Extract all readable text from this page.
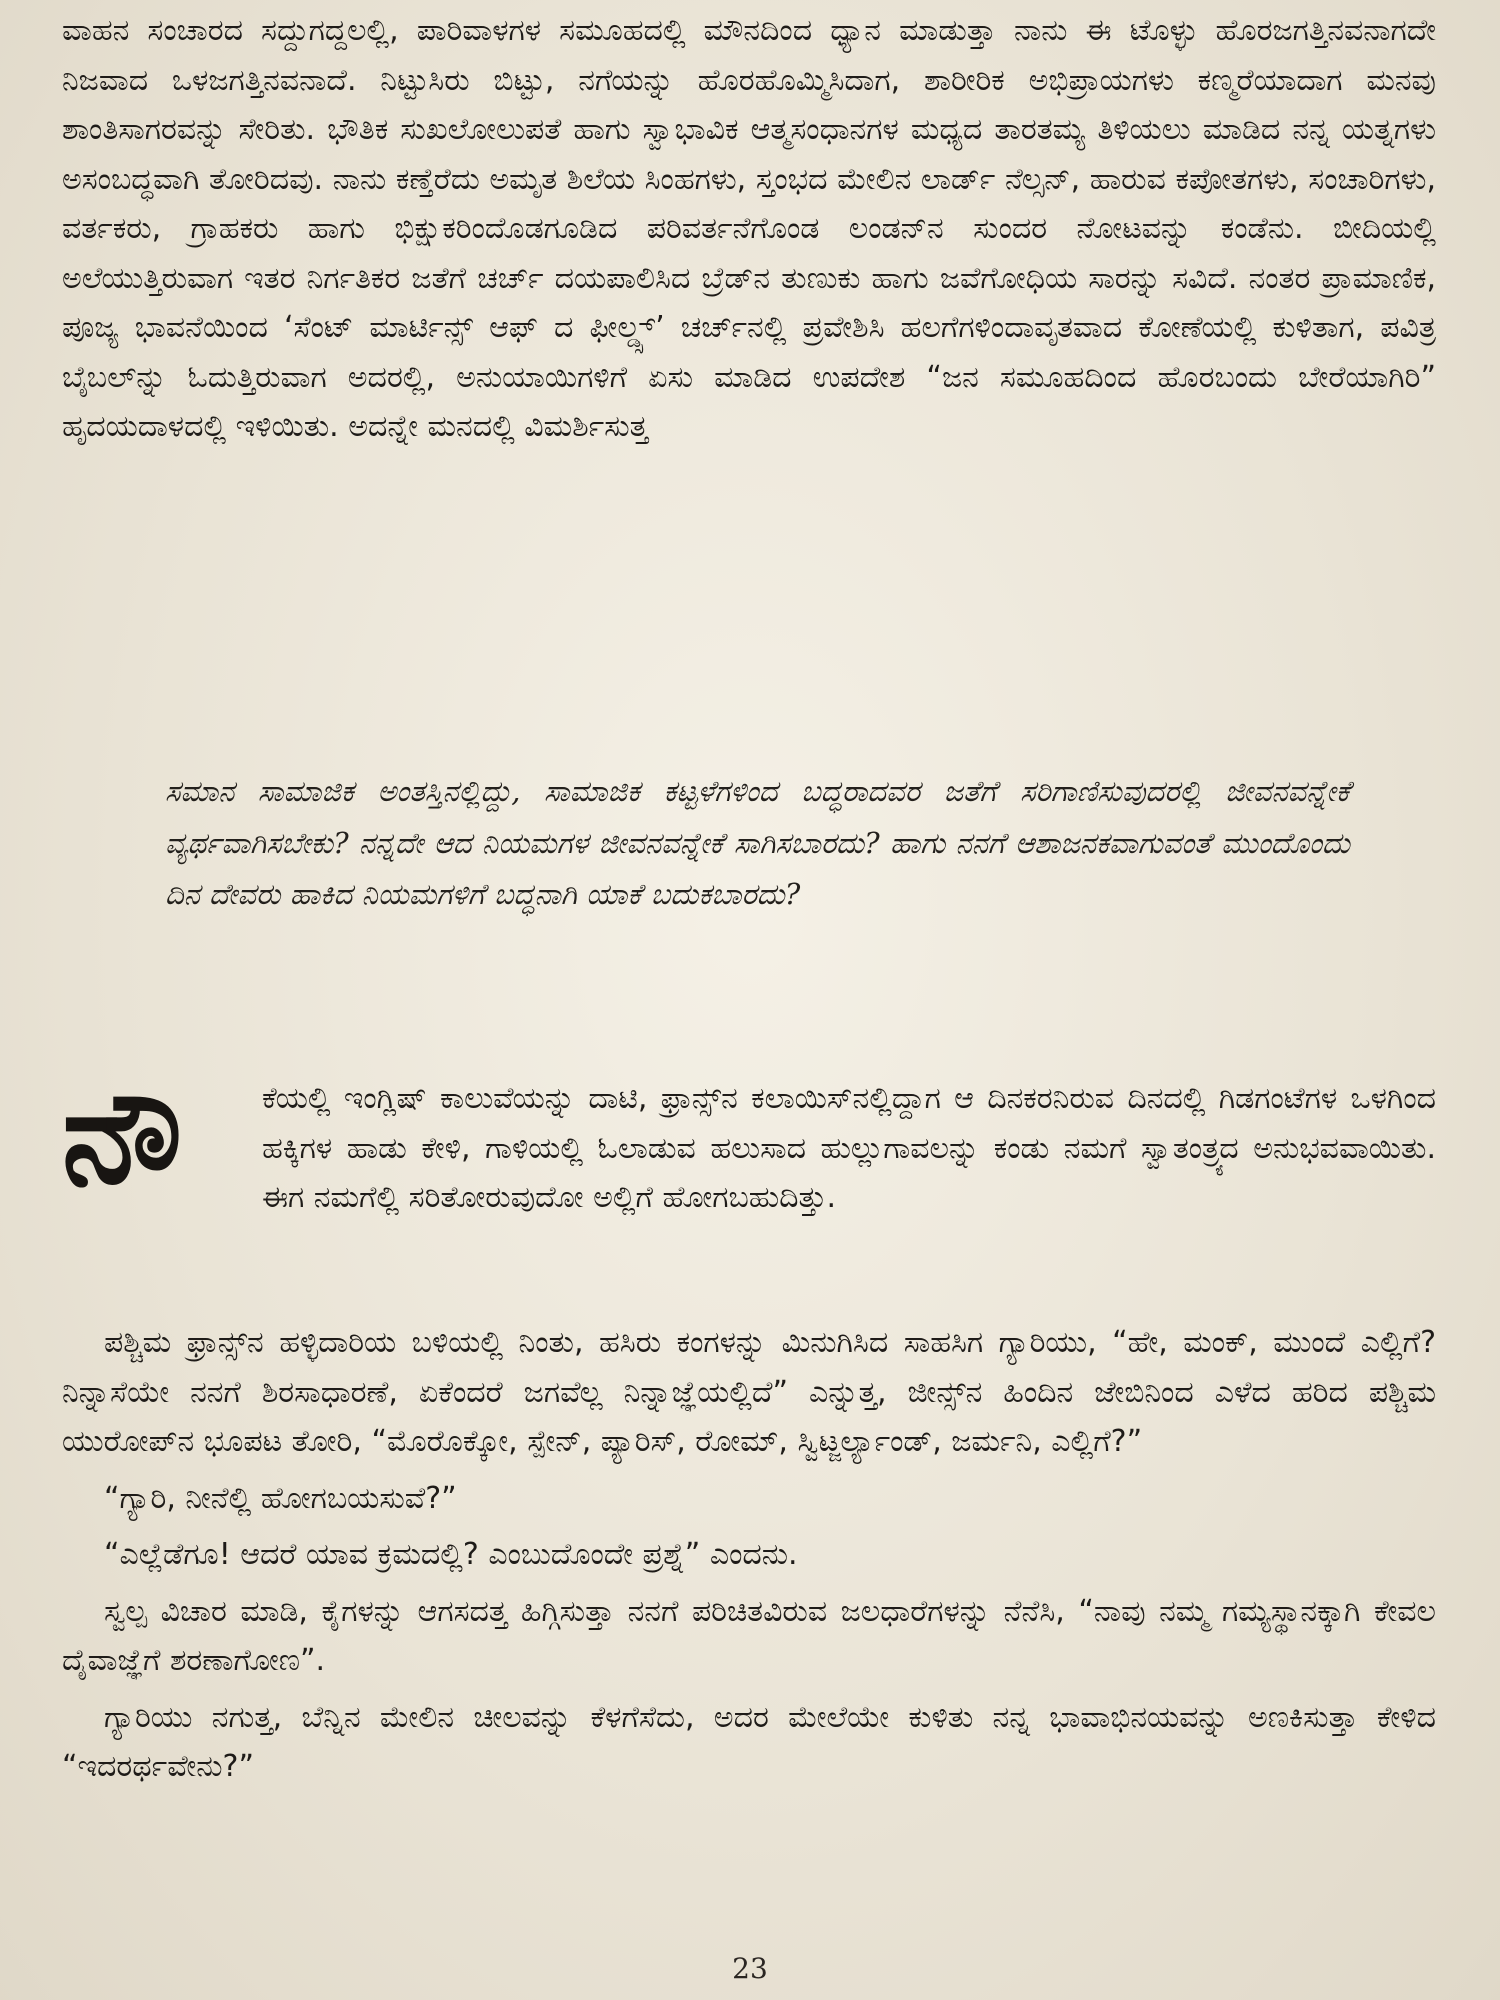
ವಾಹನ ಸಂಚಾರದ ಸದ್ದುಗದ್ದಲಲ್ಲಿ, ಪಾರಿವಾಳಗಳ ಸಮೂಹದಲ್ಲಿ ಮೌನದಿಂದ ಧ್ಯಾನ ಮಾಡುತ್ತಾ ನಾನು ಈ ಟೊಳ್ಳು ಹೊರಜಗತ್ತಿನವನಾಗದೇ ನಿಜವಾದ ಒಳಜಗತ್ತಿನವನಾದೆ. ನಿಟ್ಟುಸಿರು ಬಿಟ್ಟು, ನಗೆಯನ್ನು ಹೊರಹೊಮ್ಮಿಸಿದಾಗ, ಶಾರೀರಿಕ ಅಭಿಪ್ರಾಯಗಳು ಕಣ್ಮರೆಯಾದಾಗ ಮನವು ಶಾಂತಿಸಾಗರವನ್ನು ಸೇರಿತು. ಭೌತಿಕ ಸುಖಲೋಲುಪತೆ ಹಾಗು ಸ್ವಾಭಾವಿಕ ಆತ್ಮಸಂಧಾನಗಳ ಮಧ್ಯದ ತಾರತಮ್ಯ ತಿಳಿಯಲು ಮಾಡಿದ ನನ್ನ ಯತ್ನಗಳು ಅಸಂಬದ್ಧವಾಗಿ ತೋರಿದವು. ನಾನು ಕಣ್ತೆರೆದು ಅಮೃತ ಶಿಲೆಯ ಸಿಂಹಗಳು, ಸ್ತಂಭದ ಮೇಲಿನ ಲಾರ್ಡ್ ನೆಲ್ಸನ್, ಹಾರುವ ಕಪೋತಗಳು, ಸಂಚಾರಿಗಳು, ವರ್ತಕರು, ಗ್ರಾಹಕರು ಹಾಗು ಭಿಕ್ಷುಕರಿಂದೊಡಗೂಡಿದ ಪರಿವರ್ತನೆಗೊಂಡ ಲಂಡನ್‌ನ ಸುಂದರ ನೋಟವನ್ನು ಕಂಡೆನು. ಬೀದಿಯಲ್ಲಿ ಅಲೆಯುತ್ತಿರುವಾಗ ಇತರ ನಿರ್ಗತಿಕರ ಜತೆಗೆ ಚರ್ಚ್ ದಯಪಾಲಿಸಿದ ಬ್ರೆಡ್‌ನ ತುಣುಕು ಹಾಗು ಜವೆಗೋಧಿಯ ಸಾರನ್ನು ಸವಿದೆ. ನಂತರ ಪ್ರಾಮಾಣಿಕ, ಪೂಜ್ಯ ಭಾವನೆಯಿಂದ ‘ಸೆಂಟ್ ಮಾರ್ಟಿನ್ಸ್ ಆಫ್ ದ ಫೀಲ್ಡ್ಸ್’ ಚರ್ಚ್‌ನಲ್ಲಿ ಪ್ರವೇಶಿಸಿ ಹಲಗೆಗಳಿಂದಾವೃತವಾದ ಕೋಣೆಯಲ್ಲಿ ಕುಳಿತಾಗ, ಪವಿತ್ರ ಬೈಬಲ್‌ನ್ನು ಓದುತ್ತಿರುವಾಗ ಅದರಲ್ಲಿ, ಅನುಯಾಯಿಗಳಿಗೆ ಏಸು ಮಾಡಿದ ಉಪದೇಶ “ಜನ ಸಮೂಹದಿಂದ ಹೊರಬಂದು ಬೇರೆಯಾಗಿರಿ” ಹೃದಯದಾಳದಲ್ಲಿ ಇಳಿಯಿತು. ಅದನ್ನೇ ಮನದಲ್ಲಿ ವಿಮರ್ಶಿಸುತ್ತ

ಸಮಾನ ಸಾಮಾಜಿಕ ಅಂತಸ್ತಿನಲ್ಲಿದ್ದು, ಸಾಮಾಜಿಕ ಕಟ್ಟಳೆಗಳಿಂದ ಬದ್ಧರಾದವರ ಜತೆಗೆ ಸರಿಗಾಣಿಸುವುದರಲ್ಲಿ ಜೀವನವನ್ನೇಕೆ ವ್ಯರ್ಥವಾಗಿಸಬೇಕು? ನನ್ನದೇ ಆದ ನಿಯಮಗಳ ಜೀವನವನ್ನೇಕೆ ಸಾಗಿಸಬಾರದು? ಹಾಗು ನನಗೆ ಆಶಾಜನಕವಾಗುವಂತೆ ಮುಂದೊಂದು ದಿನ ದೇವರು ಹಾಕಿದ ನಿಯಮಗಳಿಗೆ ಬದ್ಧನಾಗಿ ಯಾಕೆ ಬದುಕಬಾರದು?

ನೌ	ಕೆಯಲ್ಲಿ ಇಂಗ್ಲಿಷ್ ಕಾಲುವೆಯನ್ನು ದಾಟಿ, ಫ್ರಾನ್ಸ್‌ನ ಕಲಾಯಿಸ್‌ನಲ್ಲಿದ್ದಾಗ ಆ ದಿನಕರನಿರುವ ದಿನದಲ್ಲಿ ಗಿಡಗಂಟೆಗಳ ಒಳಗಿಂದ ಹಕ್ಕಿಗಳ ಹಾಡು ಕೇಳಿ, ಗಾಳಿಯಲ್ಲಿ ಓಲಾಡುವ ಹಲುಸಾದ ಹುಲ್ಲುಗಾವಲನ್ನು ಕಂಡು ನಮಗೆ ಸ್ವಾತಂತ್ರ್ಯದ ಅನುಭವವಾಯಿತು. ಈಗ ನಮಗೆಲ್ಲಿ ಸರಿತೋರುವುದೋ ಅಲ್ಲಿಗೆ ಹೋಗಬಹುದಿತ್ತು.

ಪಶ್ಚಿಮ ಫ್ರಾನ್ಸ್‌ನ ಹಳ್ಳಿದಾರಿಯ ಬಳಿಯಲ್ಲಿ ನಿಂತು, ಹಸಿರು ಕಂಗಳನ್ನು ಮಿನುಗಿಸಿದ ಸಾಹಸಿಗ ಗ್ಯಾರಿಯು, “ಹೇ, ಮಂಕ್, ಮುಂದೆ ಎಲ್ಲಿಗೆ? ನಿನ್ನಾಸೆಯೇ ನನಗೆ ಶಿರಸಾಧಾರಣೆ, ಏಕೆಂದರೆ ಜಗವೆಲ್ಲ ನಿನ್ನಾಜ್ಞೆಯಲ್ಲಿದೆ” ಎನ್ನುತ್ತ, ಜೀನ್ಸ್‌ನ ಹಿಂದಿನ ಜೇಬಿನಿಂದ ಎಳೆದ ಹರಿದ ಪಶ್ಚಿಮ ಯುರೋಪ್‌ನ ಭೂಪಟ ತೋರಿ, “ಮೊರೊಕ್ಕೋ, ಸ್ಪೇನ್, ಪ್ಯಾರಿಸ್, ರೋಮ್, ಸ್ವಿಟ್ಜರ್ಲ್ಯಾಂಡ್, ಜರ್ಮನಿ, ಎಲ್ಲಿಗೆ?”

“ಗ್ಯಾರಿ, ನೀನೆಲ್ಲಿ ಹೋಗಬಯಸುವೆ?”

“ಎಲ್ಲೆಡೆಗೂ! ಆದರೆ ಯಾವ ಕ್ರಮದಲ್ಲಿ? ಎಂಬುದೊಂದೇ ಪ್ರಶ್ನೆ” ಎಂದನು.

ಸ್ವಲ್ಪ ವಿಚಾರ ಮಾಡಿ, ಕೈಗಳನ್ನು ಆಗಸದತ್ತ ಹಿಗ್ಗಿಸುತ್ತಾ ನನಗೆ ಪರಿಚಿತವಿರುವ ಜಲಧಾರೆಗಳನ್ನು ನೆನೆಸಿ, “ನಾವು ನಮ್ಮ ಗಮ್ಯಸ್ಥಾನಕ್ಕಾಗಿ ಕೇವಲ ದೈವಾಜ್ಞೆಗೆ ಶರಣಾಗೋಣ”.

ಗ್ಯಾರಿಯು ನಗುತ್ತ, ಬೆನ್ನಿನ ಮೇಲಿನ ಚೀಲವನ್ನು ಕೆಳಗೆಸೆದು, ಅದರ ಮೇಲೆಯೇ ಕುಳಿತು ನನ್ನ ಭಾವಾಭಿನಯವನ್ನು ಅಣಕಿಸುತ್ತಾ ಕೇಳಿದ “ಇದರರ್ಥವೇನು?”

23
